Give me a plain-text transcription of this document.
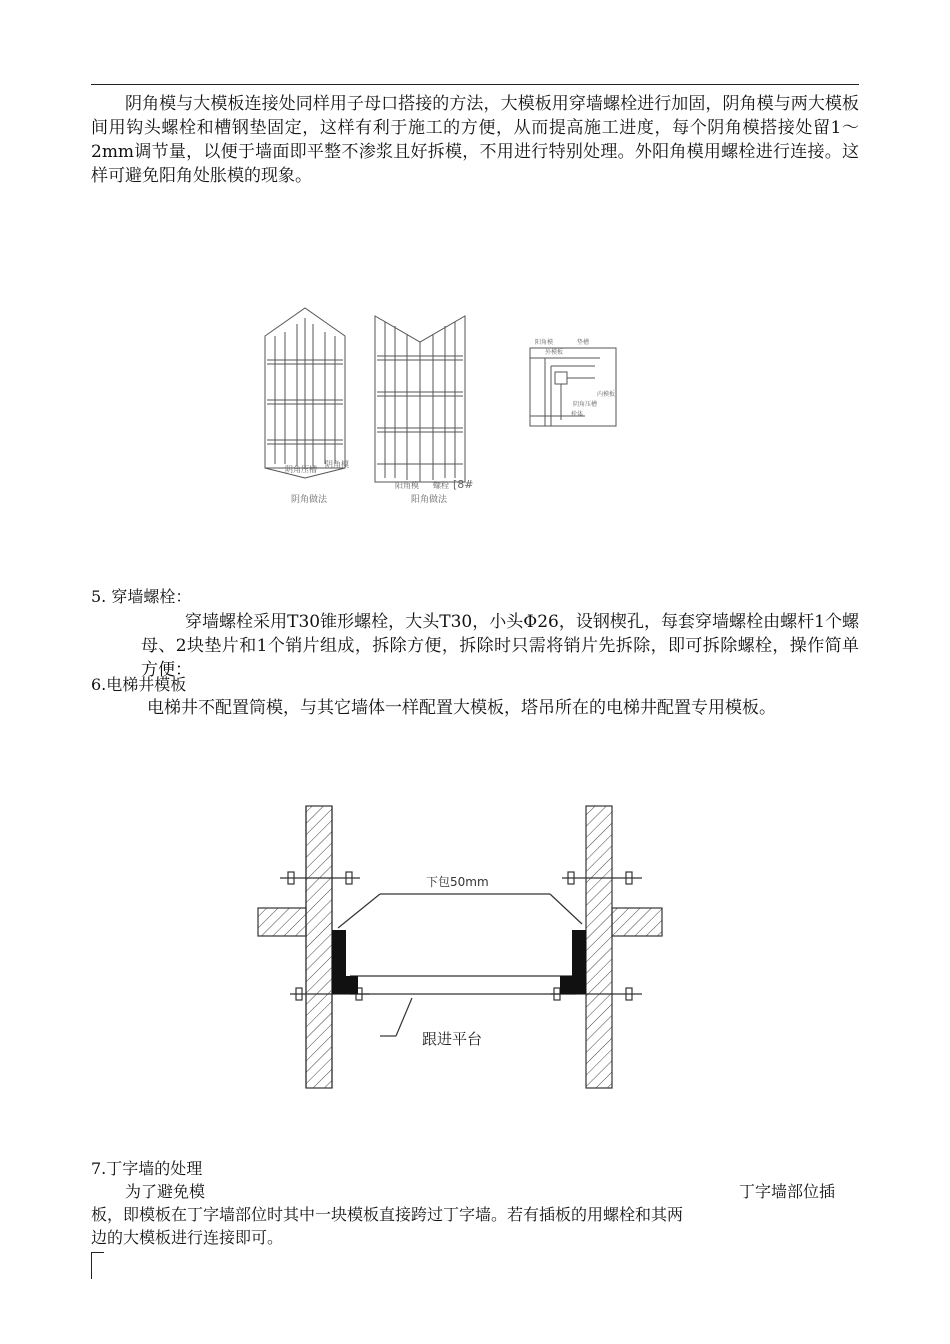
阴角模与大模板连接处同样用子母口搭接的方法，大模板用穿墙螺栓进行加固，阴角模与两大模板间用钩头螺栓和槽钢垫固定，这样有利于施工的方便，从而提高施工进度，每个阴角模搭接处留1～2mm调节量，以便于墙面即平整不渗浆且好拆模，不用进行特别处理。外阳角模用螺栓进行连接。这样可避免阳角处胀模的现象。

阴角压槽
阴角模
阴角做法
阳角模 螺栓 [8#
阳角做法
阳角模
外模板
垫槽
内模板
阴角压槽
栓体

5. 穿墙螺栓：

穿墙螺栓采用T30锥形螺栓，大头T30，小头Φ26，设钢楔孔，每套穿墙螺栓由螺杆1个螺母、2块垫片和1个销片组成，拆除方便，拆除时只需将销片先拆除，即可拆除螺栓，操作简单方便：

6.电梯井模板

电梯井不配置筒模，与其它墙体一样配置大模板，塔吊所在的电梯井配置专用模板。

下包50mm
跟进平台

7.丁字墙的处理

为了避免模	丁字墙部位插

板，即模板在丁字墙部位时其中一块模板直接跨过丁字墙。若有插板的用螺栓和其两

边的大模板进行连接即可。
